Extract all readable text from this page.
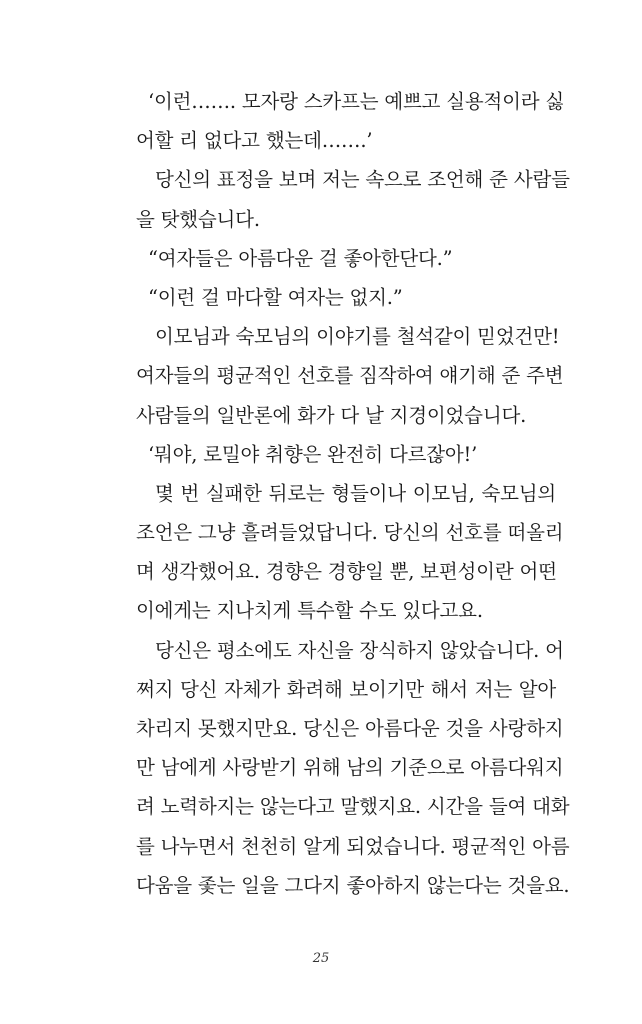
‘이런……. 모자랑 스카프는 예쁘고 실용적이라 싫
어할 리 없다고 했는데…….’
당신의 표정을 보며 저는 속으로 조언해 준 사람들
을 탓했습니다.
“여자들은 아름다운 걸 좋아한단다.”
“이런 걸 마다할 여자는 없지.”
이모님과 숙모님의 이야기를 철석같이 믿었건만!
여자들의 평균적인 선호를 짐작하여 얘기해 준 주변
사람들의 일반론에 화가 다 날 지경이었습니다.
‘뭐야, 로밀야 취향은 완전히 다르잖아!’
몇 번 실패한 뒤로는 형들이나 이모님, 숙모님의
조언은 그냥 흘려들었답니다. 당신의 선호를 떠올리
며 생각했어요. 경향은 경향일 뿐, 보편성이란 어떤
이에게는 지나치게 특수할 수도 있다고요.
당신은 평소에도 자신을 장식하지 않았습니다. 어
쩌지 당신 자체가 화려해 보이기만 해서 저는 알아
차리지 못했지만요. 당신은 아름다운 것을 사랑하지
만 남에게 사랑받기 위해 남의 기준으로 아름다워지
려 노력하지는 않는다고 말했지요. 시간을 들여 대화
를 나누면서 천천히 알게 되었습니다. 평균적인 아름
다움을 좇는 일을 그다지 좋아하지 않는다는 것을요.
25
